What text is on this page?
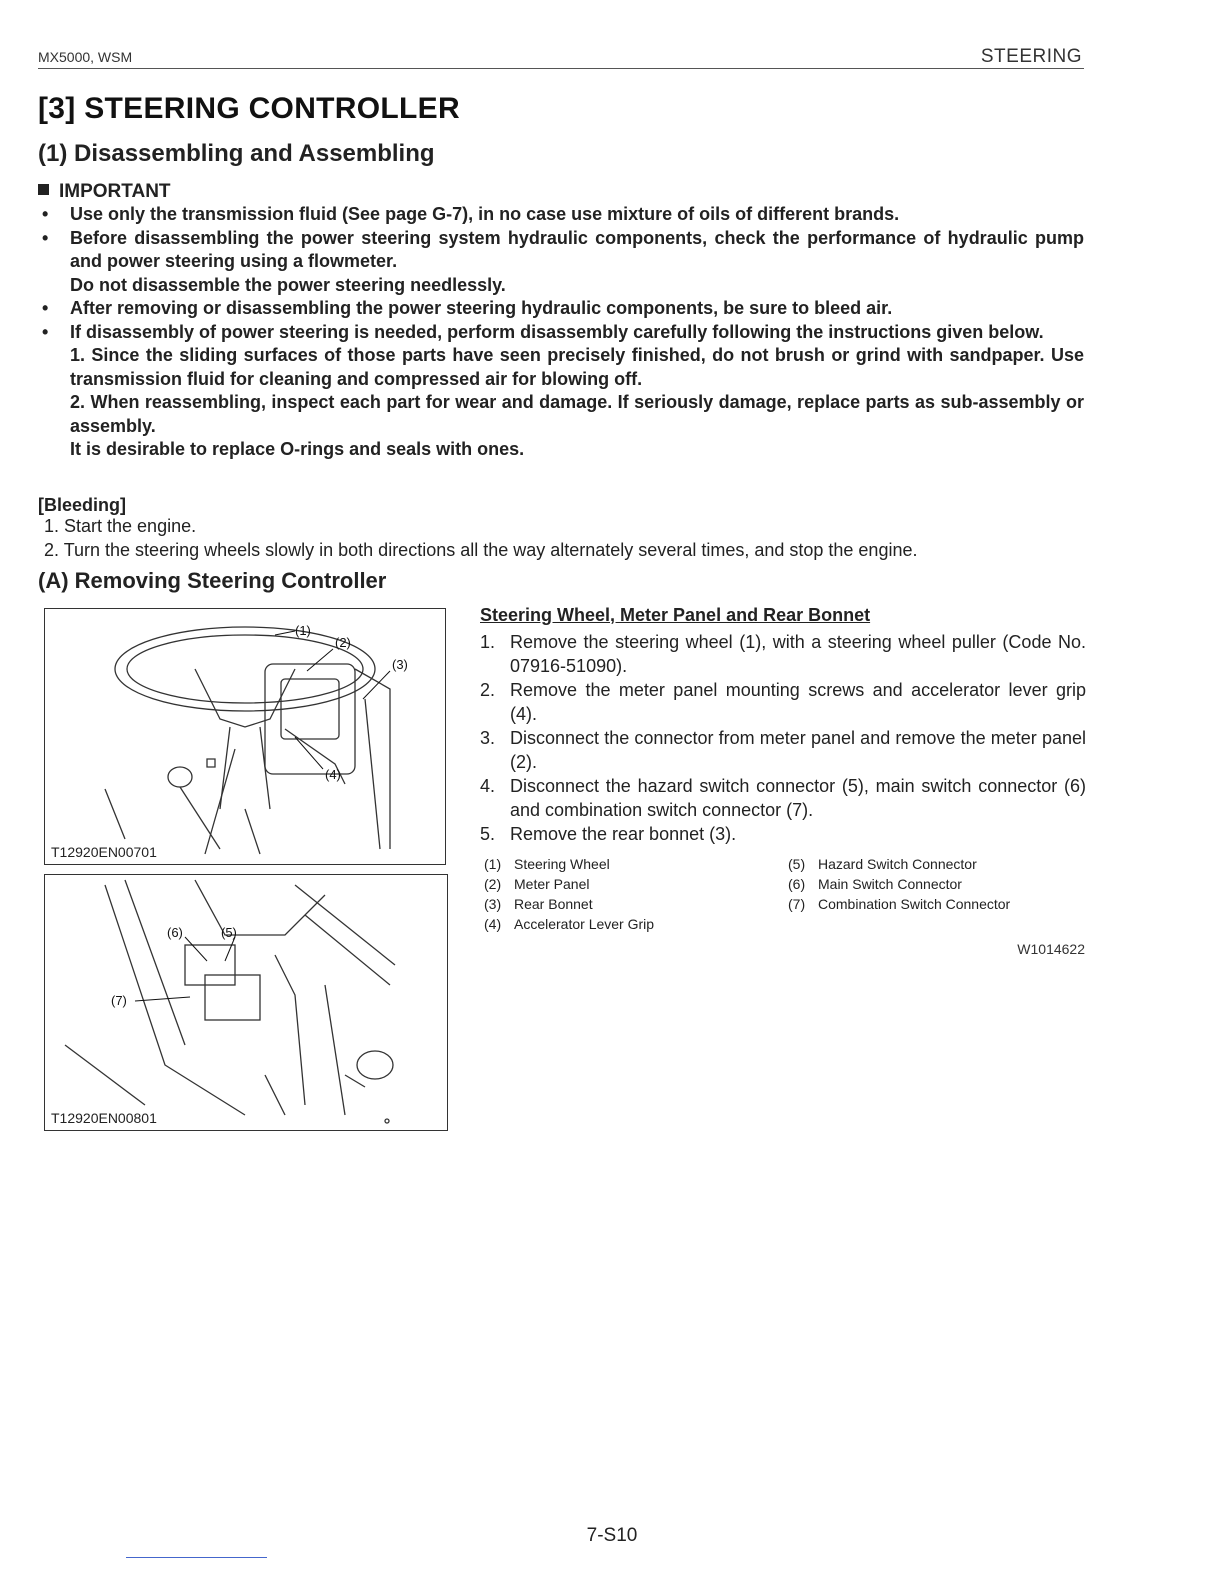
MX5000, WSM	STEERING
[3] STEERING CONTROLLER
(1) Disassembling and Assembling
IMPORTANT
• Use only the transmission fluid (See page G-7), in no case use mixture of oils of different brands.

• Before disassembling the power steering system hydraulic components, check the performance of hydraulic pump and power steering using a flowmeter.

Do not disassemble the power steering needlessly.

• After removing or disassembling the power steering hydraulic components, be sure to bleed air.

• If disassembly of power steering is needed, perform disassembly carefully following the instructions given below.

1. Since the sliding surfaces of those parts have seen precisely finished, do not brush or grind with sandpaper. Use transmission fluid for cleaning and compressed air for blowing off.

2. When reassembling, inspect each part for wear and damage. If seriously damage, replace parts as sub-assembly or assembly.

It is desirable to replace O-rings and seals with ones.

[Bleeding]
1. Start the engine.
2. Turn the steering wheels slowly in both directions all the way alternately several times, and stop the engine.
(A) Removing Steering Controller
(1)
(2)
(3)
(4)
T12920EN00701
(6)	(5)
(7)
T12920EN00801
Steering Wheel, Meter Panel and Rear Bonnet
1. Remove the steering wheel (1), with a steering wheel puller (Code No. 07916-51090).
2. Remove the meter panel mounting screws and accelerator lever grip (4).
3. Disconnect the connector from meter panel and remove the meter panel (2).
4. Disconnect the hazard switch connector (5), main switch connector (6) and combination switch connector (7).
5. Remove the rear bonnet (3).
(1) Steering Wheel
(2) Meter Panel
(3) Rear Bonnet
(4) Accelerator Lever Grip
(5) Hazard Switch Connector
(6) Main Switch Connector
(7) Combination Switch Connector
W1014622
7-S10
